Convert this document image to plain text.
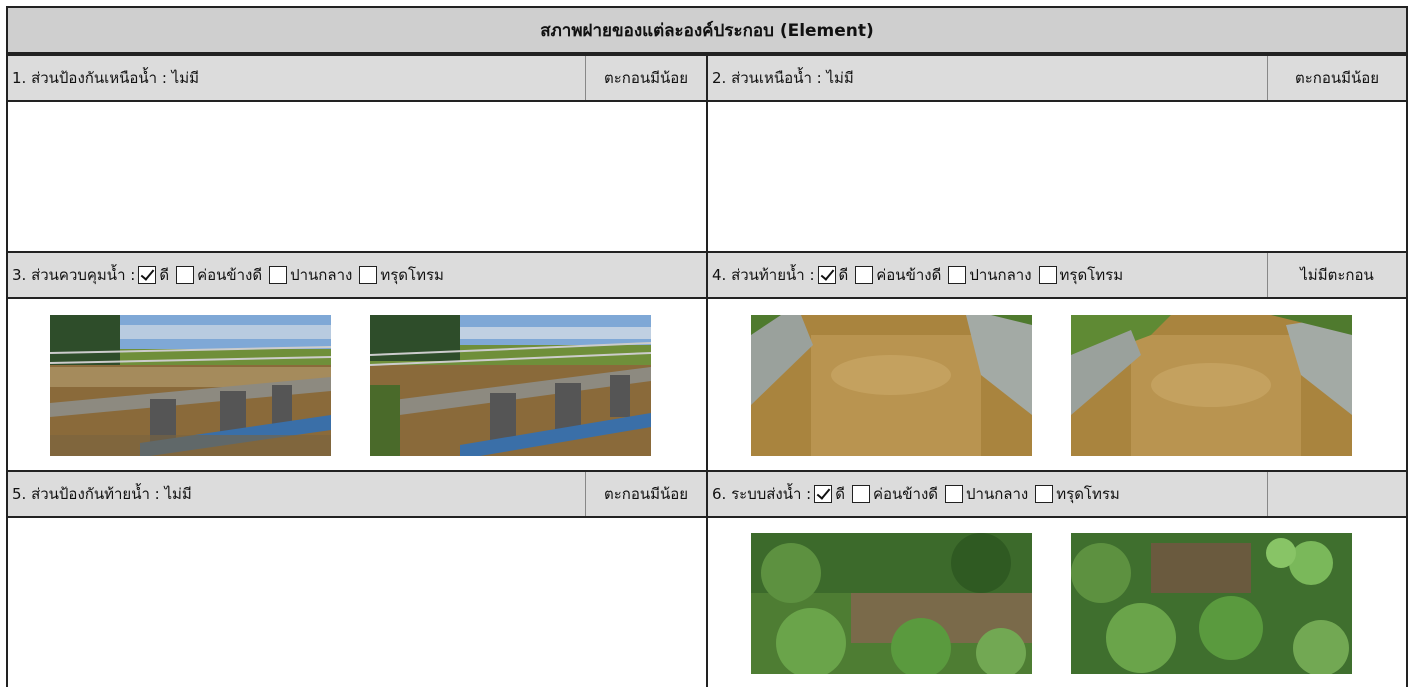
สภาพฝายของแต่ละองค์ประกอบ (Element)
1. ส่วนป้องกันเหนือน้ำ : ไม่มี	ตะกอนมีน้อย	2. ส่วนเหนือน้ำ : ไม่มี	ตะกอนมีน้อย
3. ส่วนควบคุมน้ำ : ดี ค่อนข้างดี ปานกลาง ทรุดโทรม	4. ส่วนท้ายน้ำ : ดี ค่อนข้างดี ปานกลาง ทรุดโทรม	ไม่มีตะกอน
5. ส่วนป้องกันท้ายน้ำ : ไม่มี	ตะกอนมีน้อย	6. ระบบส่งน้ำ : ดี ค่อนข้างดี ปานกลาง ทรุดโทรม
